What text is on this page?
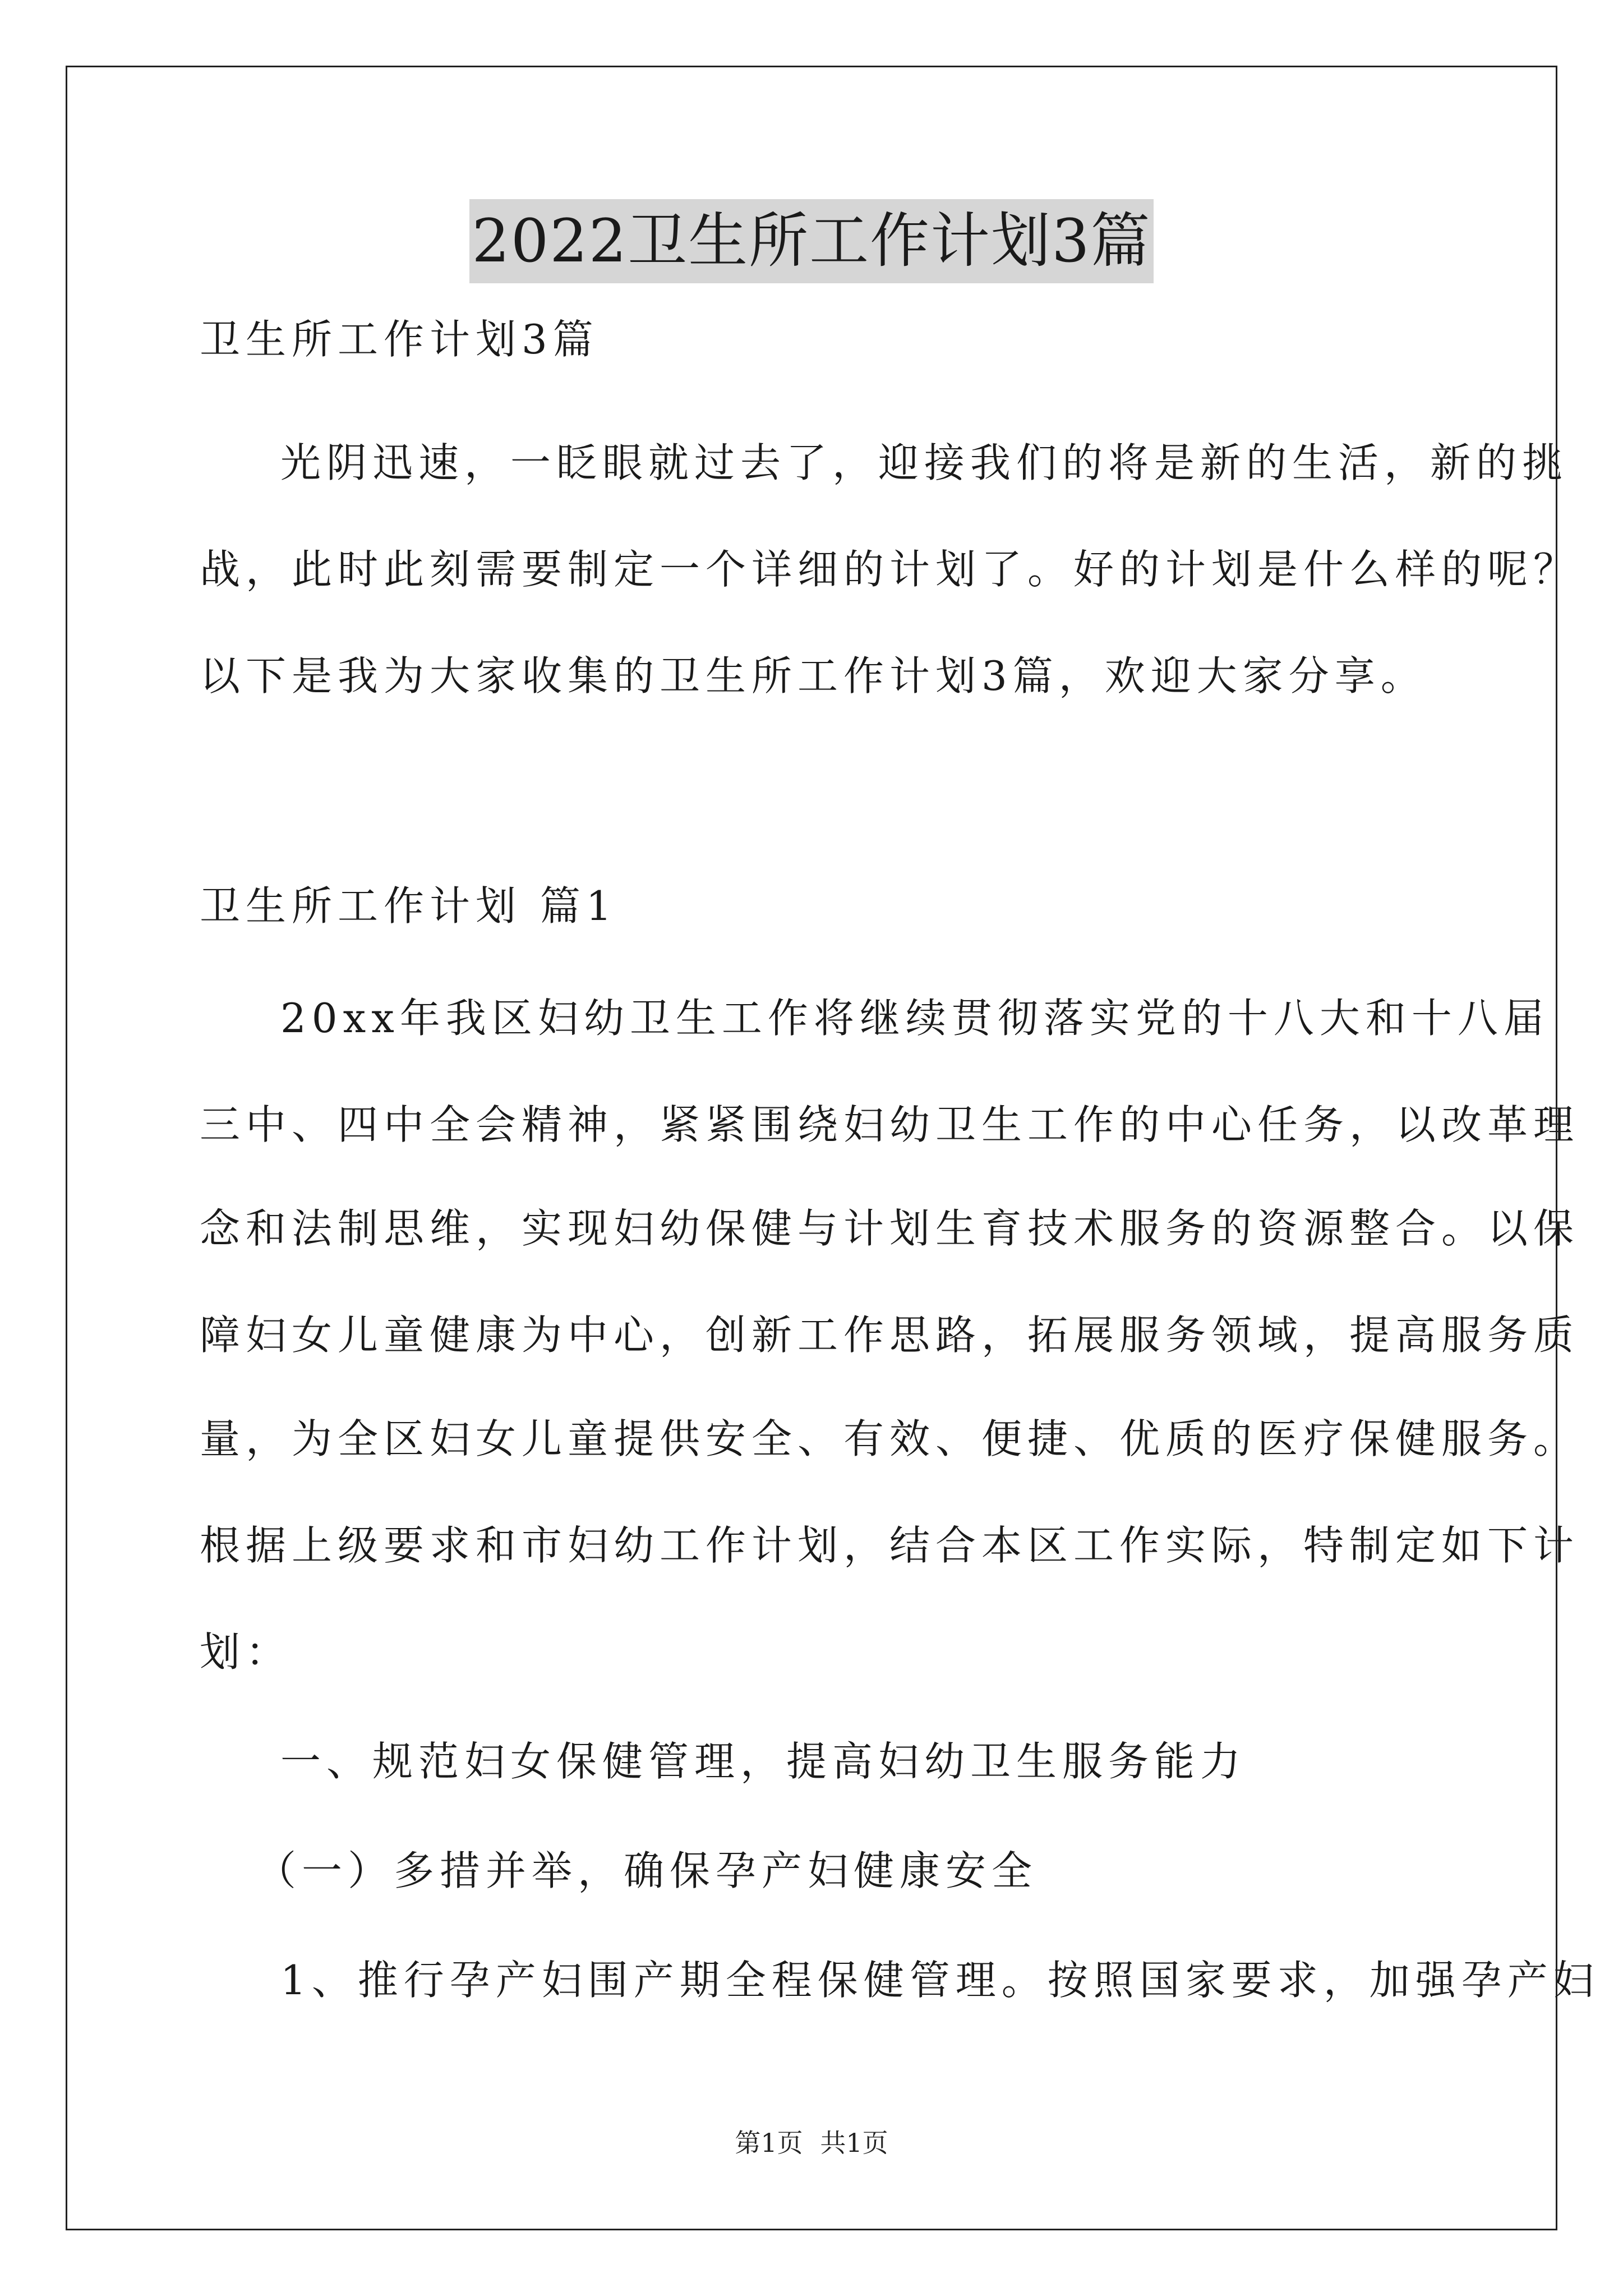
2022卫生所工作计划3篇
卫生所工作计划3篇
光阴迅速，一眨眼就过去了，迎接我们的将是新的生活，新的挑
战，此时此刻需要制定一个详细的计划了。好的计划是什么样的呢？
以下是我为大家收集的卫生所工作计划3篇，欢迎大家分享。
卫生所工作计划 篇1
20xx年我区妇幼卫生工作将继续贯彻落实党的十八大和十八届
三中、四中全会精神，紧紧围绕妇幼卫生工作的中心任务，以改革理
念和法制思维，实现妇幼保健与计划生育技术服务的资源整合。以保
障妇女儿童健康为中心，创新工作思路，拓展服务领域，提高服务质
量，为全区妇女儿童提供安全、有效、便捷、优质的医疗保健服务。
根据上级要求和市妇幼工作计划，结合本区工作实际，特制定如下计
划：
一、规范妇女保健管理，提高妇幼卫生服务能力
（一）多措并举，确保孕产妇健康安全
1、推行孕产妇围产期全程保健管理。按照国家要求，加强孕产妇
第1页 共1页
